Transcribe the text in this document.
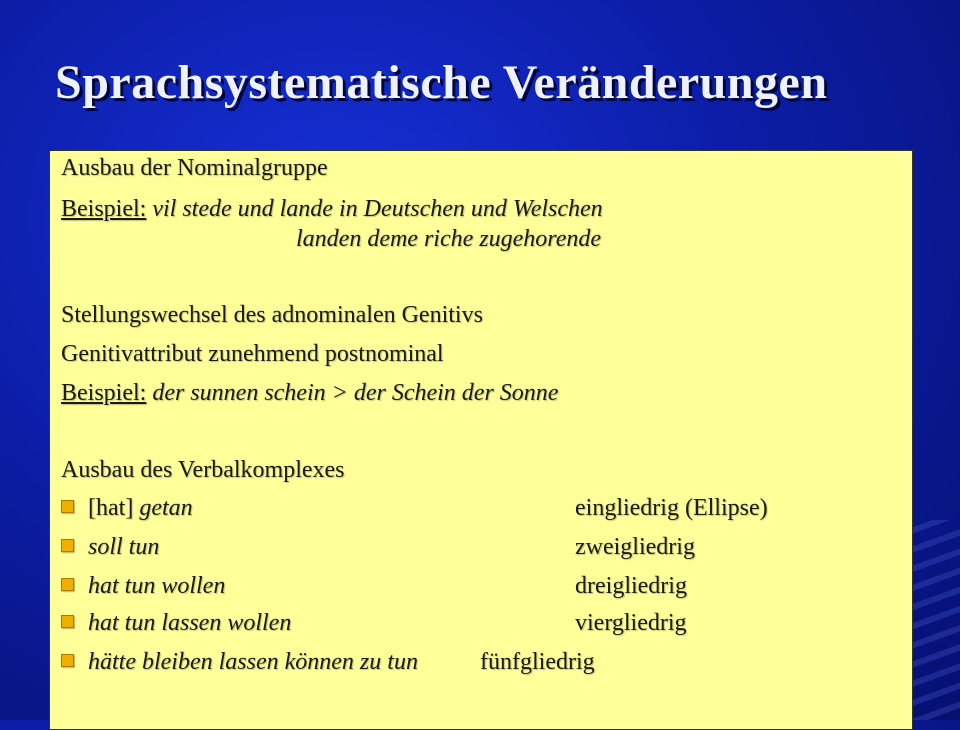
Sprachsystematische Veränderungen
Ausbau der Nominalgruppe
Beispiel: vil stede und lande in Deutschen und Welschen
landen deme riche zugehorende
Stellungswechsel des adnominalen Genitivs
Genitivattribut zunehmend postnominal
Beispiel: der sunnen schein > der Schein der Sonne
Ausbau des Verbalkomplexes
[hat] getan	eingliedrig (Ellipse)
soll tun	zweigliedrig
hat tun wollen	dreigliedrig
hat tun lassen wollen	viergliedrig
hätte bleiben lassen können zu tun	fünfgliedrig
